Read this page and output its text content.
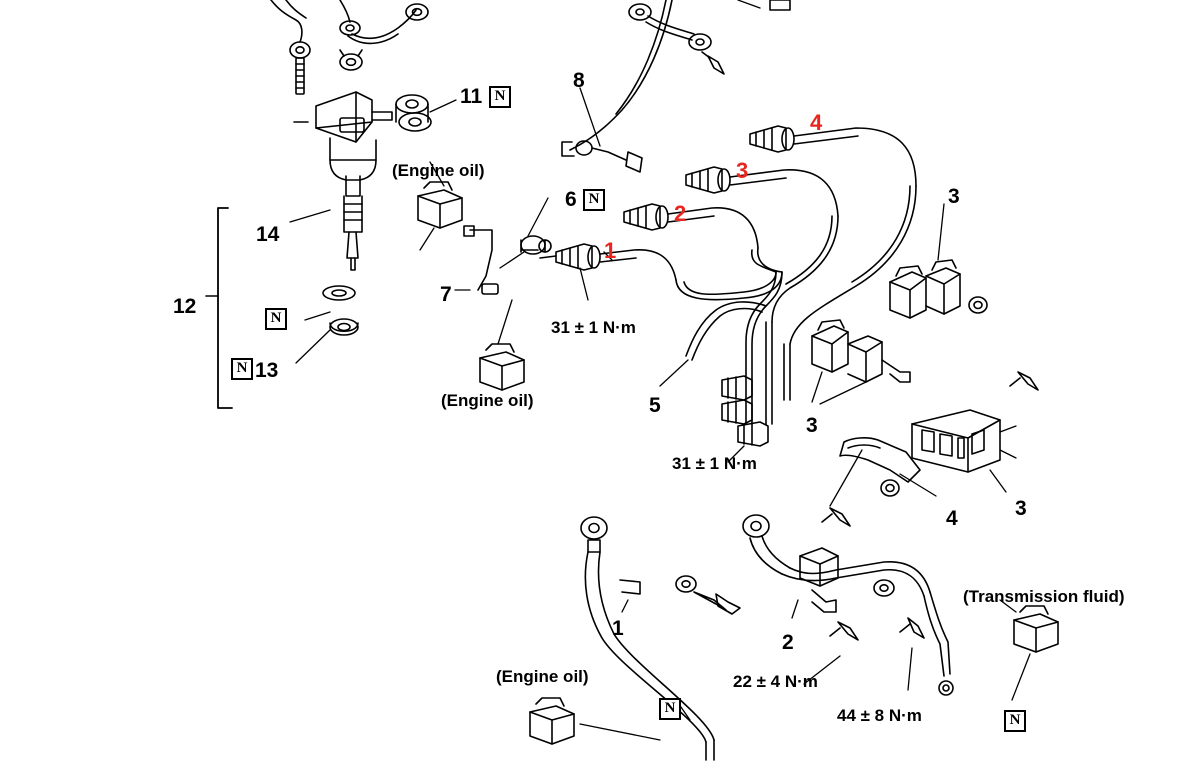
11
8
4
3
2
6
1
14
12
13
7
5
3
3
3
4
1
2
N
N
N
N
N
N
31 ± 1 N·m
31 ± 1 N·m
22 ± 4 N·m
44 ± 8 N·m
(Engine oil)
(Engine oil)
(Engine oil)
(Transmission fluid)
